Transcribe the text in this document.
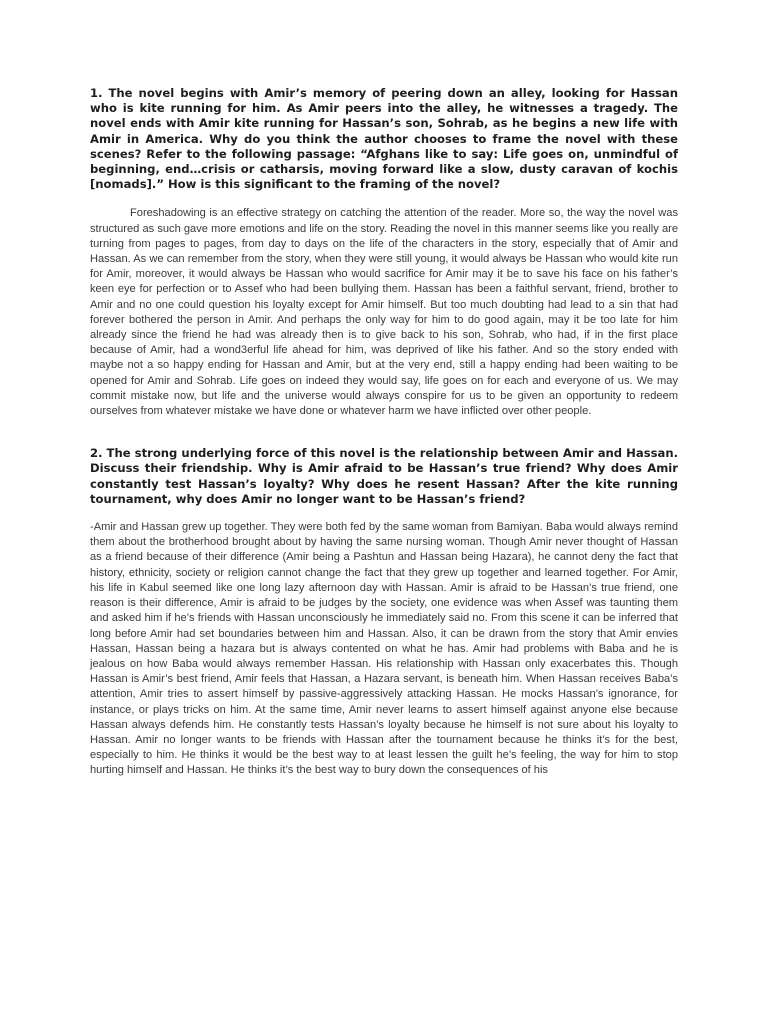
1. The novel begins with Amir’s memory of peering down an alley, looking for Hassan who is kite running for him. As Amir peers into the alley, he witnesses a tragedy. The novel ends with Amir kite running for Hassan’s son, Sohrab, as he begins a new life with Amir in America. Why do you think the author chooses to frame the novel with these scenes? Refer to the following passage: “Afghans like to say: Life goes on, unmindful of beginning, end…crisis or catharsis, moving forward like a slow, dusty caravan of kochis [nomads].” How is this significant to the framing of the novel?

Foreshadowing is an effective strategy on catching the attention of the reader. More so, the way the novel was structured as such gave more emotions and life on the story. Reading the novel in this manner seems like you really are turning from pages to pages, from day to days on the life of the characters in the story, especially that of Amir and Hassan. As we can remember from the story, when they were still young, it would always be Hassan who would kite run for Amir, moreover, it would always be Hassan who would sacrifice for Amir may it be to save his face on his father’s keen eye for perfection or to Assef who had been bullying them. Hassan has been a faithful servant, friend, brother to Amir and no one could question his loyalty except for Amir himself. But too much doubting had lead to a sin that had forever bothered the person in Amir. And perhaps the only way for him to do good again, may it be too late for him already since the friend he had was already then is to give back to his son, Sohrab, who had, if in the first place because of Amir, had a wond3erful life ahead for him, was deprived of like his father. And so the story ended with maybe not a so happy ending for Hassan and Amir, but at the very end, still a happy ending had been waiting to be opened for Amir and Sohrab. Life goes on indeed they would say, life goes on for each and everyone of us. We may commit mistake now, but life and the universe would always conspire for us to be given an opportunity to redeem ourselves from whatever mistake we have done or whatever harm we have inflicted over other people.

2. The strong underlying force of this novel is the relationship between Amir and Hassan. Discuss their friendship. Why is Amir afraid to be Hassan’s true friend? Why does Amir constantly test Hassan’s loyalty? Why does he resent Hassan? After the kite running tournament, why does Amir no longer want to be Hassan’s friend?

-Amir and Hassan grew up together. They were both fed by the same woman from Bamiyan. Baba would always remind them about the brotherhood brought about by having the same nursing woman. Though Amir never thought of Hassan as a friend because of their difference (Amir being a Pashtun and Hassan being Hazara), he cannot deny the fact that history, ethnicity, society or religion cannot change the fact that they grew up together and learned together. For Amir, his life in Kabul seemed like one long lazy afternoon day with Hassan. Amir is afraid to be Hassan’s true friend, one reason is their difference, Amir is afraid to be judges by the society, one evidence was when Assef was taunting them and asked him if he’s friends with Hassan unconsciously he immediately said no. From this scene it can be inferred that long before Amir had set boundaries between him and Hassan. Also, it can be drawn from the story that Amir envies Hassan, Hassan being a hazara but is always contented on what he has. Amir had problems with Baba and he is jealous on how Baba would always remember Hassan. His relationship with Hassan only exacerbates this. Though Hassan is Amir’s best friend, Amir feels that Hassan, a Hazara servant, is beneath him. When Hassan receives Baba’s attention, Amir tries to assert himself by passive-aggressively attacking Hassan. He mocks Hassan’s ignorance, for instance, or plays tricks on him. At the same time, Amir never learns to assert himself against anyone else because Hassan always defends him. He constantly tests Hassan’s loyalty because he himself is not sure about his loyalty to Hassan. Amir no longer wants to be friends with Hassan after the tournament because he thinks it’s for the best, especially to him. He thinks it would be the best way to at least lessen the guilt he’s feeling, the way for him to stop hurting himself and Hassan. He thinks it’s the best way to bury down the consequences of his
